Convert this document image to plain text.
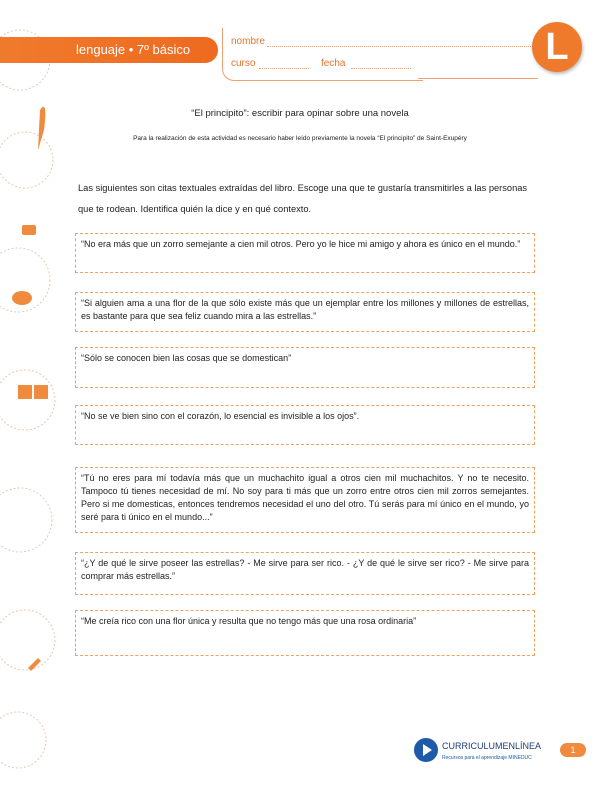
lenguaje • 7º básico
nombre
curso	fecha	L
“El principito”: escribir para opinar sobre una novela
Para la realización de esta actividad es necesario haber leído previamente la novela “El principito” de Saint-Exupéry
Las siguientes son citas textuales extraídas del libro. Escoge una que te gustaría transmitirles a las personas que te rodean. Identifica quién la dice y en qué contexto.
“No era más que un zorro semejante a cien mil otros. Pero yo le hice mi amigo y ahora es único en el mundo.”
“Si alguien ama a una flor de la que sólo existe más que un ejemplar entre los millones y millones de estrellas, es bastante para que sea feliz cuando mira a las estrellas.”
“Sólo se conocen bien las cosas que se domestican”
“No se ve bien sino con el corazón, lo esencial es invisible a los ojos”.
“Tú no eres para mí todavía más que un muchachito igual a otros cien mil muchachitos. Y no te necesito. Tampoco tú tienes necesidad de mí. No soy para ti más que un zorro entre otros cien mil zorros semejantes. Pero si me domesticas, entonces tendremos necesidad el uno del otro. Tú serás para mí único en el mundo, yo seré para ti único en el mundo...”
“¿Y de qué le sirve poseer las estrellas? - Me sirve para ser rico. - ¿Y de qué le sirve ser rico? - Me sirve para comprar más estrellas.”
“Me creía rico con una flor única y resulta que no tengo más que una rosa ordinaria”
CURRICULUMENLÍNEA
Recursos para el aprendizaje MINEDUC
1
